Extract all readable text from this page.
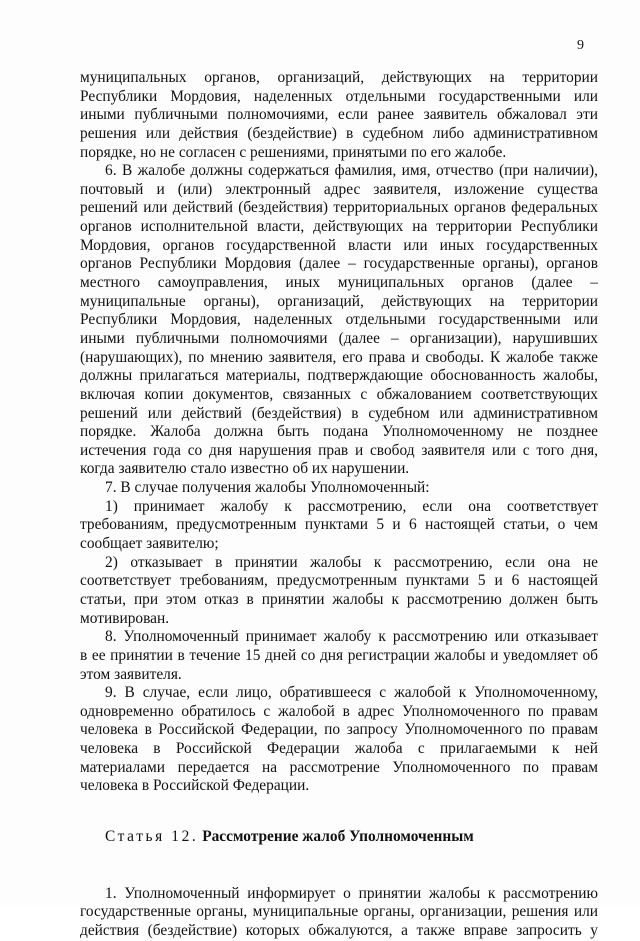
9
муниципальных органов, организаций, действующих на территории
Республики Мордовия, наделенных отдельными государственными или
иными публичными полномочиями, если ранее заявитель обжаловал эти
решения или действия (бездействие) в судебном либо административном
порядке, но не согласен с решениями, принятыми по его жалобе.
6. В жалобе должны содержаться фамилия, имя, отчество (при наличии),
почтовый и (или) электронный адрес заявителя, изложение существа
решений или действий (бездействия) территориальных органов федеральных
органов исполнительной власти, действующих на территории Республики
Мордовия, органов государственной власти или иных государственных
органов Республики Мордовия (далее – государственные органы), органов
местного самоуправления, иных муниципальных органов (далее –
муниципальные органы), организаций, действующих на территории
Республики Мордовия, наделенных отдельными государственными или
иными публичными полномочиями (далее – организации), нарушивших
(нарушающих), по мнению заявителя, его права и свободы. К жалобе также
должны прилагаться материалы, подтверждающие обоснованность жалобы,
включая копии документов, связанных с обжалованием соответствующих
решений или действий (бездействия) в судебном или административном
порядке. Жалоба должна быть подана Уполномоченному не позднее
истечения года со дня нарушения прав и свобод заявителя или с того дня,
когда заявителю стало известно об их нарушении.
7. В случае получения жалобы Уполномоченный:
1) принимает жалобу к рассмотрению, если она соответствует
требованиям, предусмотренным пунктами 5 и 6 настоящей статьи, о чем
сообщает заявителю;
2) отказывает в принятии жалобы к рассмотрению, если она не
соответствует требованиям, предусмотренным пунктами 5 и 6 настоящей
статьи, при этом отказ в принятии жалобы к рассмотрению должен быть
мотивирован.
8. Уполномоченный принимает жалобу к рассмотрению или отказывает
в ее принятии в течение 15 дней со дня регистрации жалобы и уведомляет об
этом заявителя.
9. В случае, если лицо, обратившееся с жалобой к Уполномоченному,
одновременно обратилось с жалобой в адрес Уполномоченного по правам
человека в Российской Федерации, по запросу Уполномоченного по правам
человека в Российской Федерации жалоба с прилагаемыми к ней
материалами передается на рассмотрение Уполномоченного по правам
человека в Российской Федерации.
Статья 12. Рассмотрение жалоб Уполномоченным
1. Уполномоченный информирует о принятии жалобы к рассмотрению
государственные органы, муниципальные органы, организации, решения или
действия (бездействие) которых обжалуются, а также вправе запросить у
